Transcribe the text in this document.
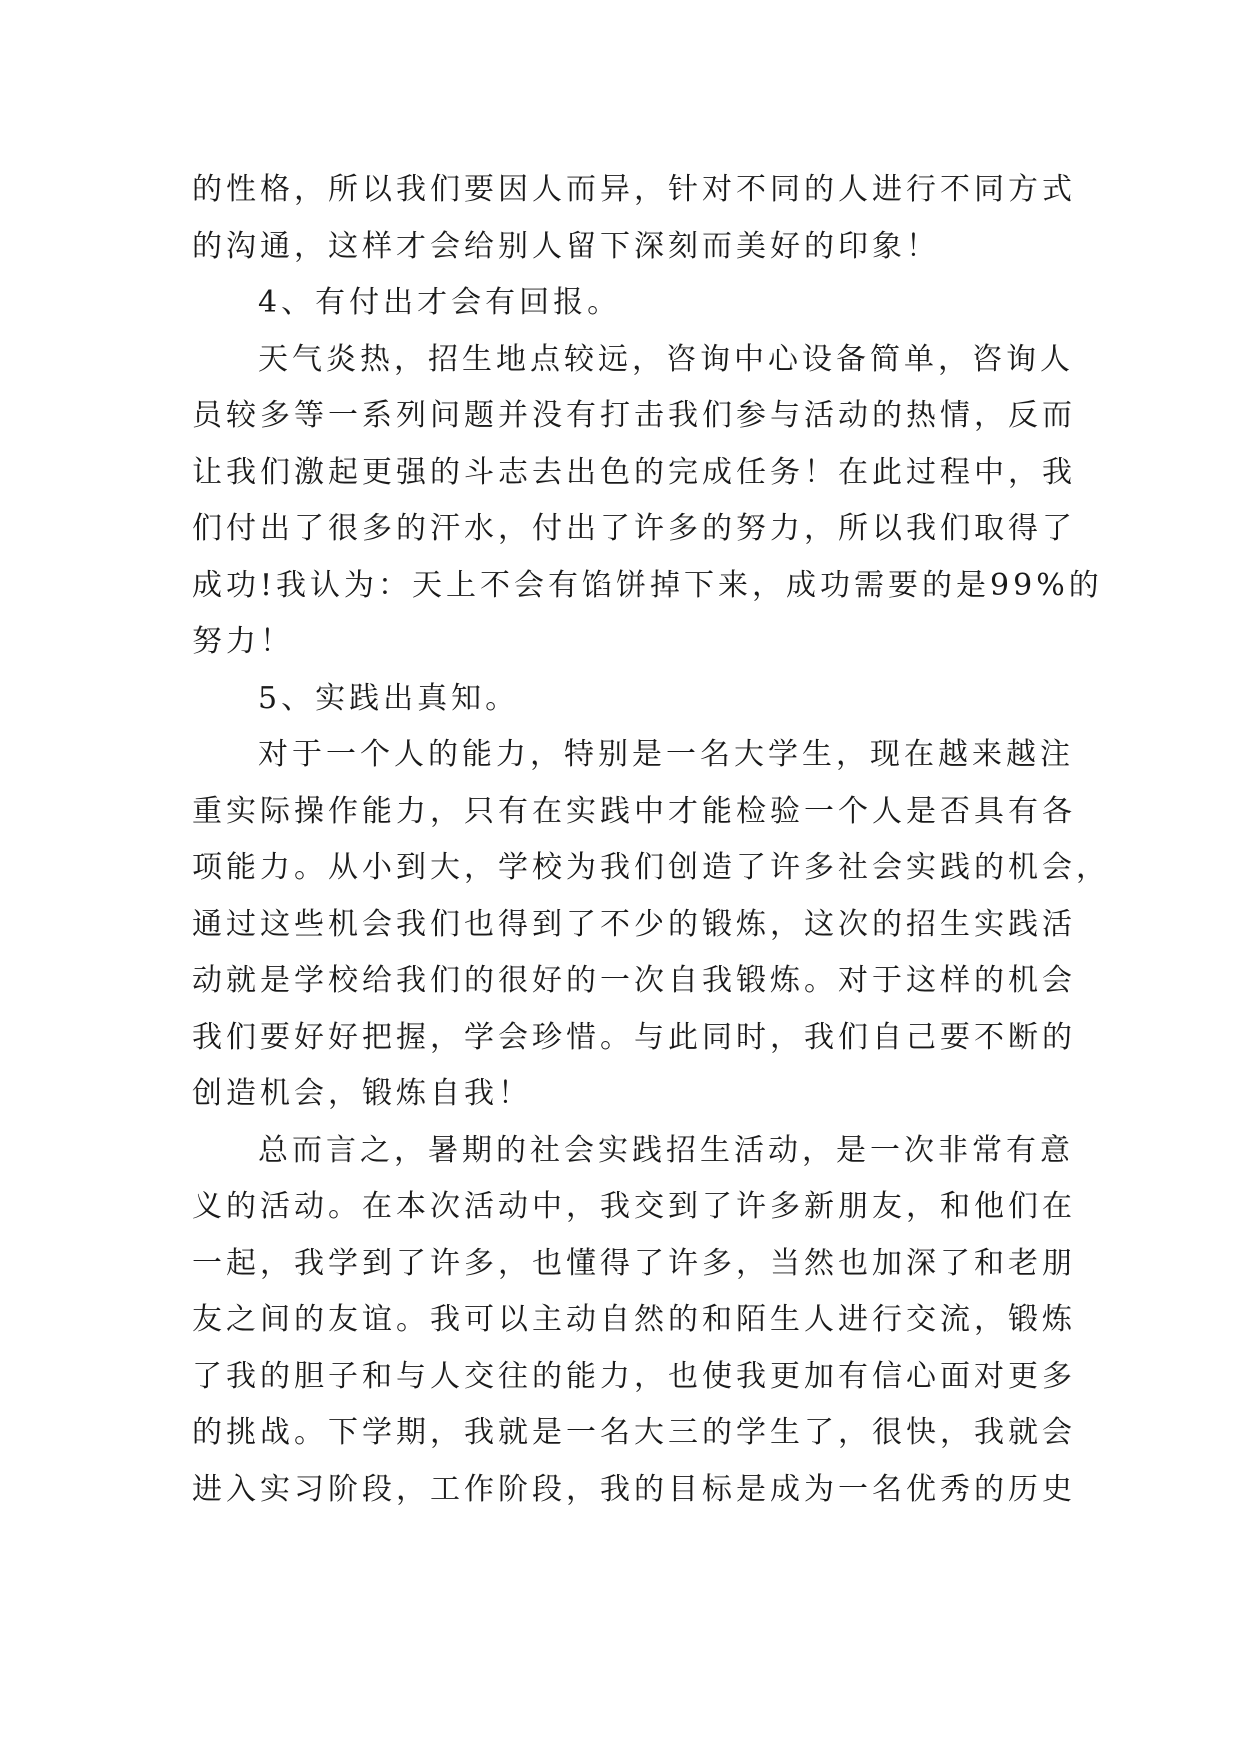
的性格，所以我们要因人而异，针对不同的人进行不同方式
的沟通，这样才会给别人留下深刻而美好的印象！
4、有付出才会有回报。
天气炎热，招生地点较远，咨询中心设备简单，咨询人
员较多等一系列问题并没有打击我们参与活动的热情，反而
让我们激起更强的斗志去出色的完成任务！在此过程中，我
们付出了很多的汗水，付出了许多的努力，所以我们取得了
成功!我认为：天上不会有馅饼掉下来，成功需要的是99%的
努力！
5、实践出真知。
对于一个人的能力，特别是一名大学生，现在越来越注
重实际操作能力，只有在实践中才能检验一个人是否具有各
项能力。从小到大，学校为我们创造了许多社会实践的机会，
通过这些机会我们也得到了不少的锻炼，这次的招生实践活
动就是学校给我们的很好的一次自我锻炼。对于这样的机会
我们要好好把握，学会珍惜。与此同时，我们自己要不断的
创造机会，锻炼自我！
总而言之，暑期的社会实践招生活动，是一次非常有意
义的活动。在本次活动中，我交到了许多新朋友，和他们在
一起，我学到了许多，也懂得了许多，当然也加深了和老朋
友之间的友谊。我可以主动自然的和陌生人进行交流，锻炼
了我的胆子和与人交往的能力，也使我更加有信心面对更多
的挑战。下学期，我就是一名大三的学生了，很快，我就会
进入实习阶段，工作阶段，我的目标是成为一名优秀的历史
